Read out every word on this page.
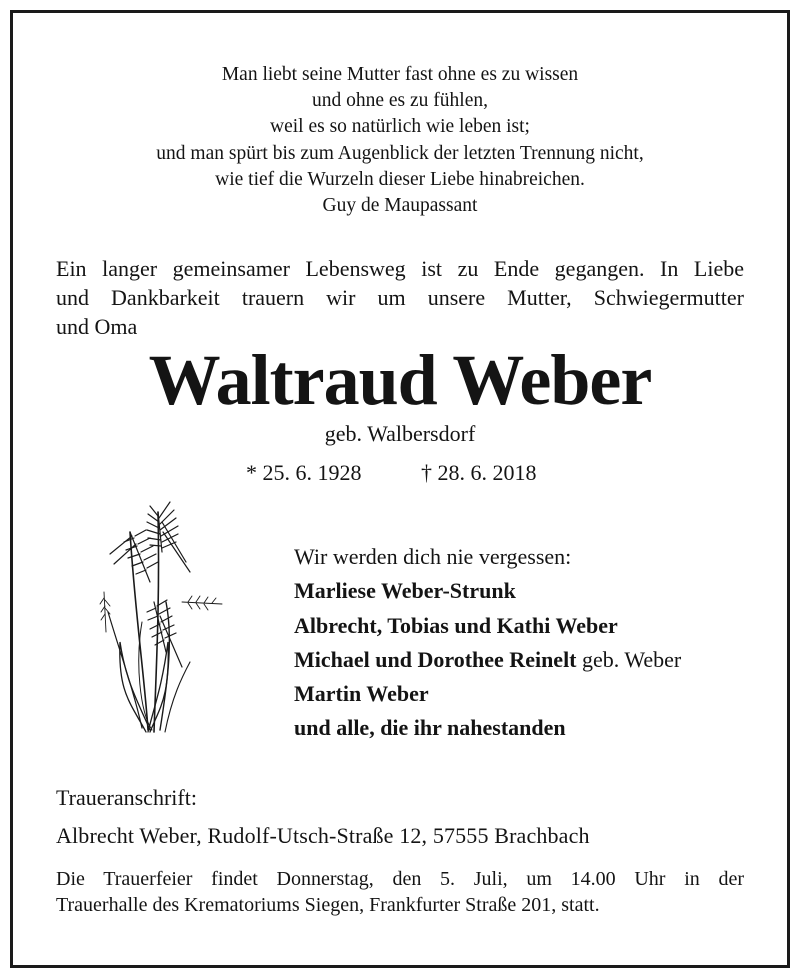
Man liebt seine Mutter fast ohne es zu wissen
und ohne es zu fühlen,
weil es so natürlich wie leben ist;
und man spürt bis zum Augenblick der letzten Trennung nicht,
wie tief die Wurzeln dieser Liebe hinabreichen.
Guy de Maupassant
Ein langer gemeinsamer Lebensweg ist zu Ende gegangen. In Liebe
und Dankbarkeit trauern wir um unsere Mutter, Schwiegermutter
und Oma
Waltraud Weber
geb. Walbersdorf
* 25. 6. 1928	† 28. 6. 2018
Wir werden dich nie vergessen:
Marliese Weber-Strunk
Albrecht, Tobias und Kathi Weber
Michael und Dorothee Reinelt geb. Weber
Martin Weber
und alle, die ihr nahestanden
Traueranschrift:
Albrecht Weber, Rudolf-Utsch-Straße 12, 57555 Brachbach
Die Trauerfeier findet Donnerstag, den 5. Juli, um 14.00 Uhr in der
Trauerhalle des Krematoriums Siegen, Frankfurter Straße 201, statt.
